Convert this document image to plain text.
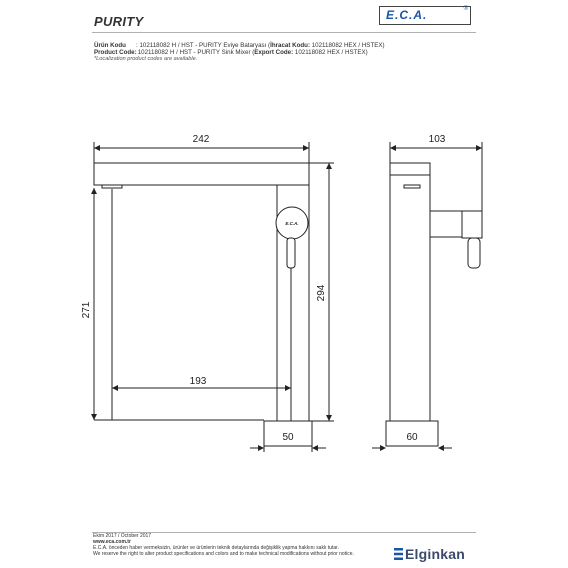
PURITY	E.C.A.	®
Ürün Kodu : 102118082 H / HST - PURITY Eviye Bataryası (İhracat Kodu: 102118082 HEX / HSTEX)
Product Code: 102118082 H / HST - PURITY Sink Mixer (Export Code: 102118082 HEX / HSTEX)
*Localization product codes are available.
E.C.A.
242
271
294
193
50
103
60
Ekim 2017 / October 2017
www.eca.com.tr
E.C.A. önceden haber vermeksizin, ürünler ve ürünlerin teknik detaylarında değişiklik yapma hakkını saklı tutar.
We reserve the right to alter product specifications and colors and to make technical modifications without prior notice.	Elginkan
